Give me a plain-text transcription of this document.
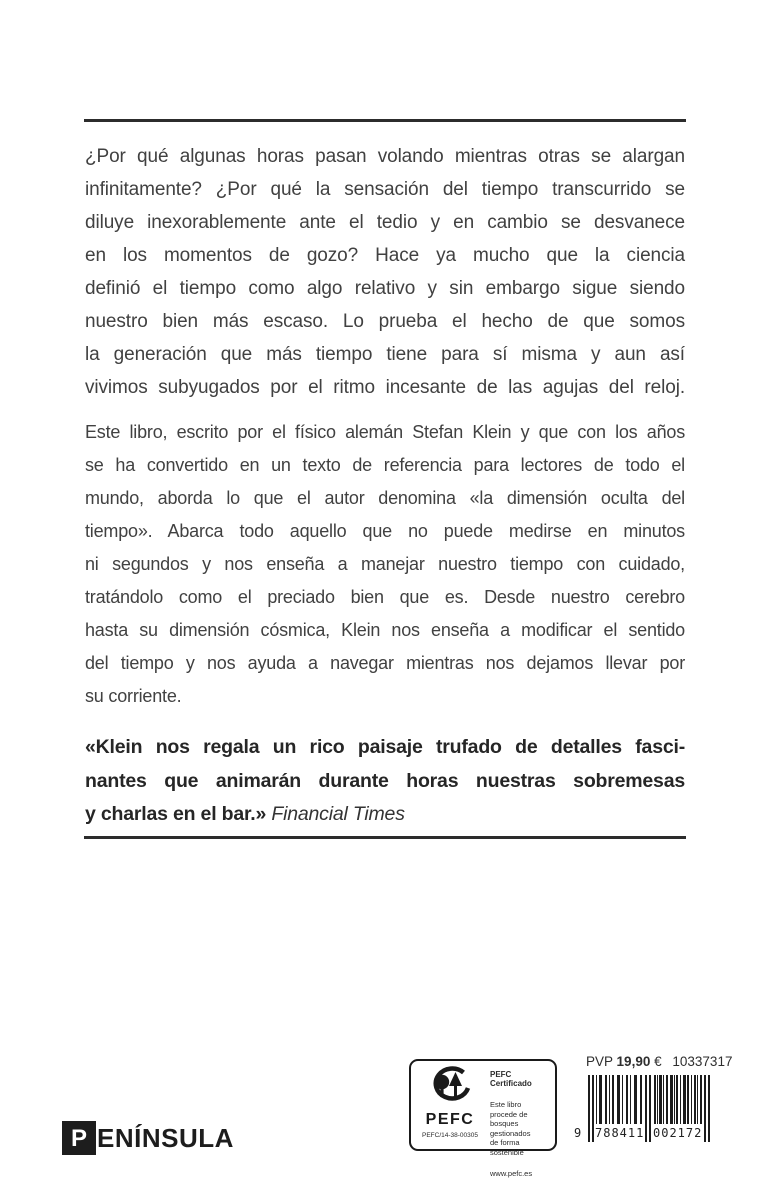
¿Por qué algunas horas pasan volando mientras otras se alargan
infinitamente? ¿Por qué la sensación del tiempo transcurrido se
diluye inexorablemente ante el tedio y en cambio se desvanece
en los momentos de gozo? Hace ya mucho que la ciencia
definió el tiempo como algo relativo y sin embargo sigue siendo
nuestro bien más escaso. Lo prueba el hecho de que somos
la generación que más tiempo tiene para sí misma y aun así
vivimos subyugados por el ritmo incesante de las agujas del reloj.
Este libro, escrito por el físico alemán Stefan Klein y que con los años
se ha convertido en un texto de referencia para lectores de todo el
mundo, aborda lo que el autor denomina «la dimensión oculta del
tiempo». Abarca todo aquello que no puede medirse en minutos
ni segundos y nos enseña a manejar nuestro tiempo con cuidado,
tratándolo como el preciado bien que es. Desde nuestro cerebro
hasta su dimensión cósmica, Klein nos enseña a modificar el sentido
del tiempo y nos ayuda a navegar mientras nos dejamos llevar por
su corriente.
«Klein nos regala un rico paisaje trufado de detalles fasci-
nantes que animarán durante horas nuestras sobremesas
y charlas en el bar.» Financial Times
P ENÍNSULA
PEFC
PEFC/14-38-00305
PEFC Certificado
Este libro procede de
bosques gestionados
de forma sostenible
www.pefc.es
PVP 19,90 € 10337317
9 788411 002172
